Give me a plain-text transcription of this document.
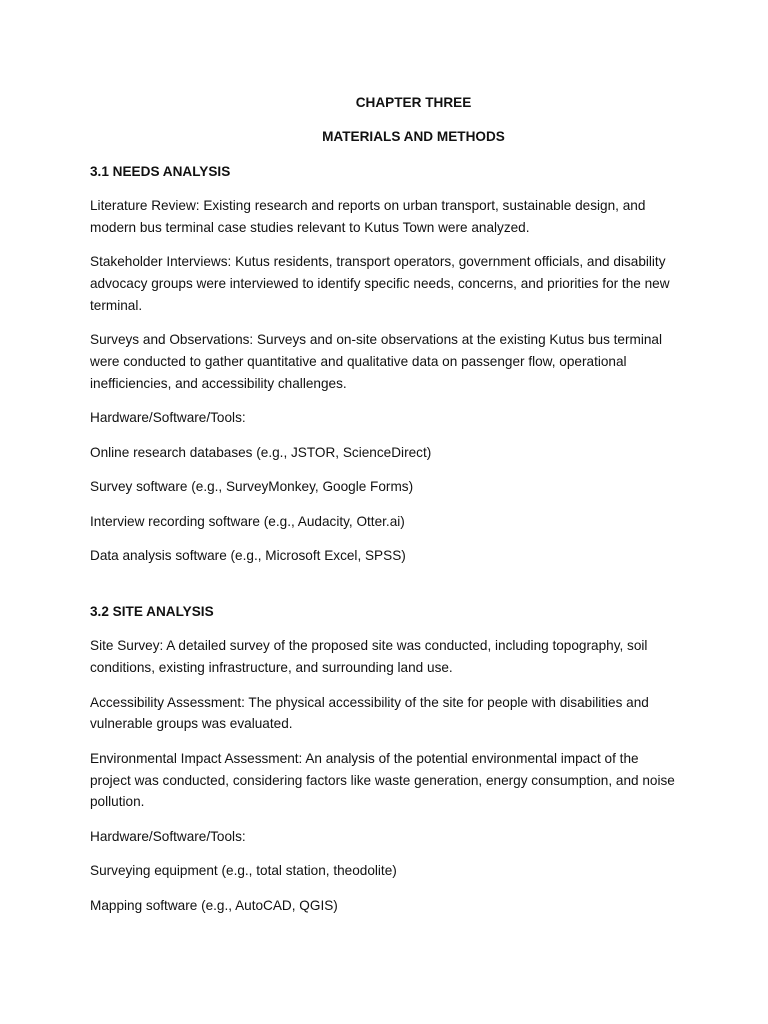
CHAPTER THREE
MATERIALS AND METHODS
3.1 NEEDS ANALYSIS

Literature Review: Existing research and reports on urban transport, sustainable design, and modern bus terminal case studies relevant to Kutus Town were analyzed.

Stakeholder Interviews: Kutus residents, transport operators, government officials, and disability advocacy groups were interviewed to identify specific needs, concerns, and priorities for the new terminal.

Surveys and Observations: Surveys and on-site observations at the existing Kutus bus terminal were conducted to gather quantitative and qualitative data on passenger flow, operational inefficiencies, and accessibility challenges.

Hardware/Software/Tools:

Online research databases (e.g., JSTOR, ScienceDirect)

Survey software (e.g., SurveyMonkey, Google Forms)

Interview recording software (e.g., Audacity, Otter.ai)

Data analysis software (e.g., Microsoft Excel, SPSS)

3.2 SITE ANALYSIS

Site Survey: A detailed survey of the proposed site was conducted, including topography, soil conditions, existing infrastructure, and surrounding land use.

Accessibility Assessment: The physical accessibility of the site for people with disabilities and vulnerable groups was evaluated.

Environmental Impact Assessment: An analysis of the potential environmental impact of the project was conducted, considering factors like waste generation, energy consumption, and noise pollution.

Hardware/Software/Tools:

Surveying equipment (e.g., total station, theodolite)

Mapping software (e.g., AutoCAD, QGIS)
